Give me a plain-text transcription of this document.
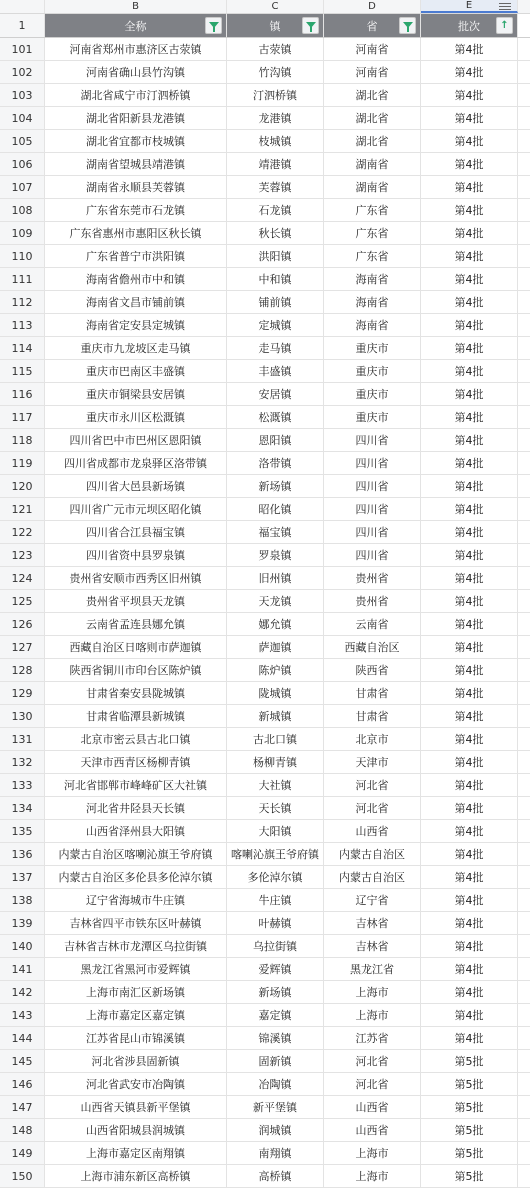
B	C	D	E
1	全称	镇	省	批次	↑
101	河南省郑州市惠济区古荥镇	古荥镇	河南省	第4批
102	河南省确山县竹沟镇	竹沟镇	河南省	第4批
103	湖北省咸宁市汀泗桥镇	汀泗桥镇	湖北省	第4批
104	湖北省阳新县龙港镇	龙港镇	湖北省	第4批
105	湖北省宜都市枝城镇	枝城镇	湖北省	第4批
106	湖南省望城县靖港镇	靖港镇	湖南省	第4批
107	湖南省永顺县芙蓉镇	芙蓉镇	湖南省	第4批
108	广东省东莞市石龙镇	石龙镇	广东省	第4批
109	广东省惠州市惠阳区秋长镇	秋长镇	广东省	第4批
110	广东省普宁市洪阳镇	洪阳镇	广东省	第4批
111	海南省儋州市中和镇	中和镇	海南省	第4批
112	海南省文昌市铺前镇	铺前镇	海南省	第4批
113	海南省定安县定城镇	定城镇	海南省	第4批
114	重庆市九龙坡区走马镇	走马镇	重庆市	第4批
115	重庆市巴南区丰盛镇	丰盛镇	重庆市	第4批
116	重庆市铜梁县安居镇	安居镇	重庆市	第4批
117	重庆市永川区松溉镇	松溉镇	重庆市	第4批
118	四川省巴中市巴州区恩阳镇	恩阳镇	四川省	第4批
119	四川省成都市龙泉驿区洛带镇	洛带镇	四川省	第4批
120	四川省大邑县新场镇	新场镇	四川省	第4批
121	四川省广元市元坝区昭化镇	昭化镇	四川省	第4批
122	四川省合江县福宝镇	福宝镇	四川省	第4批
123	四川省资中县罗泉镇	罗泉镇	四川省	第4批
124	贵州省安顺市西秀区旧州镇	旧州镇	贵州省	第4批
125	贵州省平坝县天龙镇	天龙镇	贵州省	第4批
126	云南省孟连县娜允镇	娜允镇	云南省	第4批
127	西藏自治区日喀则市萨迦镇	萨迦镇	西藏自治区	第4批
128	陕西省铜川市印台区陈炉镇	陈炉镇	陕西省	第4批
129	甘肃省秦安县陇城镇	陇城镇	甘肃省	第4批
130	甘肃省临潭县新城镇	新城镇	甘肃省	第4批
131	北京市密云县古北口镇	古北口镇	北京市	第4批
132	天津市西青区杨柳青镇	杨柳青镇	天津市	第4批
133	河北省邯郸市峰峰矿区大社镇	大社镇	河北省	第4批
134	河北省井陉县天长镇	天长镇	河北省	第4批
135	山西省泽州县大阳镇	大阳镇	山西省	第4批
136	内蒙古自治区喀喇沁旗王爷府镇	喀喇沁旗王爷府镇	内蒙古自治区	第4批
137	内蒙古自治区多伦县多伦淖尔镇	多伦淖尔镇	内蒙古自治区	第4批
138	辽宁省海城市牛庄镇	牛庄镇	辽宁省	第4批
139	吉林省四平市铁东区叶赫镇	叶赫镇	吉林省	第4批
140	吉林省吉林市龙潭区乌拉街镇	乌拉街镇	吉林省	第4批
141	黑龙江省黑河市爱辉镇	爱辉镇	黑龙江省	第4批
142	上海市南汇区新场镇	新场镇	上海市	第4批
143	上海市嘉定区嘉定镇	嘉定镇	上海市	第4批
144	江苏省昆山市锦溪镇	锦溪镇	江苏省	第4批
145	河北省涉县固新镇	固新镇	河北省	第5批
146	河北省武安市冶陶镇	冶陶镇	河北省	第5批
147	山西省天镇县新平堡镇	新平堡镇	山西省	第5批
148	山西省阳城县润城镇	润城镇	山西省	第5批
149	上海市嘉定区南翔镇	南翔镇	上海市	第5批
150	上海市浦东新区高桥镇	高桥镇	上海市	第5批
